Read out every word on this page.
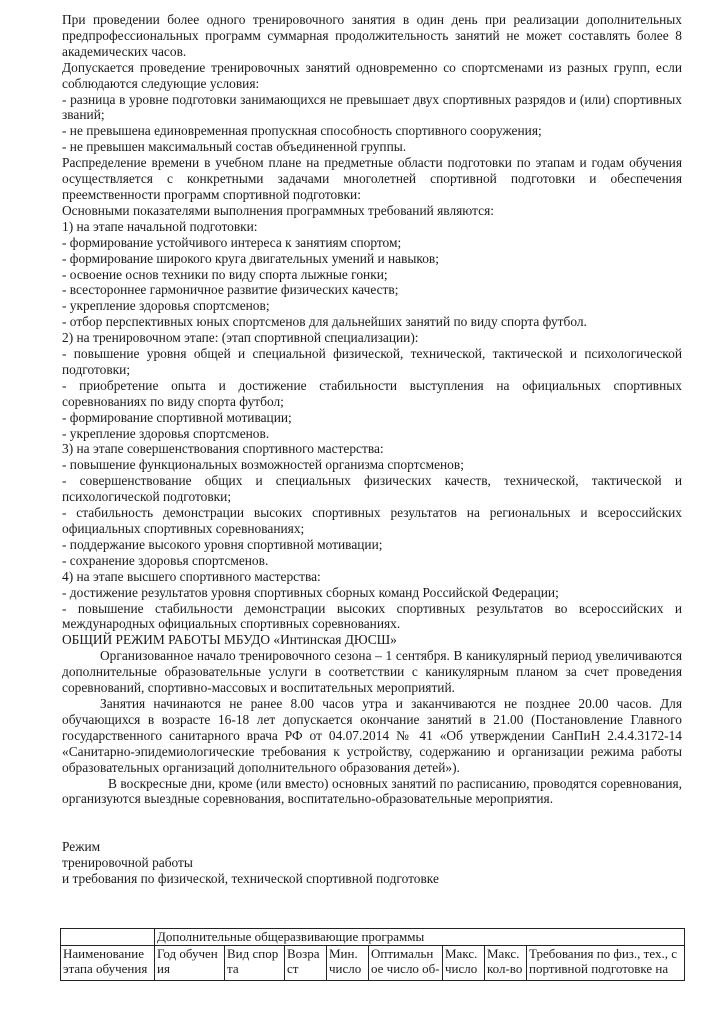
При проведении более одного тренировочного занятия в один день при реализации дополнительных предпрофессиональных программ суммарная продолжительность занятий не может составлять более 8 академических часов.

Допускается проведение тренировочных занятий одновременно со спортсменами из разных групп, если соблюдаются следующие условия:

- разница в уровне подготовки занимающихся не превышает двух спортивных разрядов и (или) спортивных званий;

- не превышена единовременная пропускная способность спортивного сооружения;

- не превышен максимальный состав объединенной группы.

Распределение времени в учебном плане на предметные области подготовки по этапам и годам обучения осуществляется с конкретными задачами многолетней спортивной подготовки и обеспечения преемственности программ спортивной подготовки:

Основными показателями выполнения программных требований являются:

1) на этапе начальной подготовки:

- формирование устойчивого интереса к занятиям спортом;

- формирование широкого круга двигательных умений и навыков;

- освоение основ техники по виду спорта лыжные гонки;

- всестороннее гармоничное развитие физических качеств;

- укрепление здоровья спортсменов;

- отбор перспективных юных спортсменов для дальнейших занятий по виду спорта футбол.

2) на тренировочном этапе: (этап спортивной специализации):

- повышение уровня общей и специальной физической, технической, тактической и психологической подготовки;

- приобретение опыта и достижение стабильности выступления на официальных спортивных соревнованиях по виду спорта футбол;

- формирование спортивной мотивации;

- укрепление здоровья спортсменов.

3) на этапе совершенствования спортивного мастерства:

- повышение функциональных возможностей организма спортсменов;

- совершенствование общих и специальных физических качеств, технической, тактической и психологической подготовки;

- стабильность демонстрации высоких спортивных результатов на региональных и всероссийских официальных спортивных соревнованиях;

- поддержание высокого уровня спортивной мотивации;

- сохранение здоровья спортсменов.

4) на этапе высшего спортивного мастерства:

- достижение результатов уровня спортивных сборных команд Российской Федерации;

- повышение стабильности демонстрации высоких спортивных результатов во всероссийских и международных официальных спортивных соревнованиях.

ОБЩИЙ РЕЖИМ РАБОТЫ МБУДО «Интинская ДЮСШ»

Организованное начало тренировочного сезона – 1 сентября. В каникулярный период увеличиваются дополнительные образовательные услуги в соответствии с каникулярным планом за счет проведения соревнований, спортивно-массовых и воспитательных мероприятий.

Занятия начинаются не ранее 8.00 часов утра и заканчиваются не позднее 20.00 часов. Для обучающихся в возрасте 16-18 лет допускается окончание занятий в 21.00 (Постановление Главного государственного санитарного врача РФ от 04.07.2014 № 41 «Об утверждении СанПиН 2.4.4.3172-14 «Санитарно-эпидемиологические требования к устройству, содержанию и организации режима работы образовательных организаций дополнительного образования детей»).

В воскресные дни, кроме (или вместо) основных занятий по расписанию, проводятся соревнования, организуются выездные соревнования, воспитательно-образовательные мероприятия.

Режим

тренировочной работы

и требования по физической, технической спортивной подготовке

	Дополнительные общеразвивающие программы							
Наименование этапа обучения	Год обучения	Вид спорта	Возраст	Мин. число	Оптимальное число об-	Макс. число	Макс. кол-во	Требования по физ., тех., спортивной подготовке на
